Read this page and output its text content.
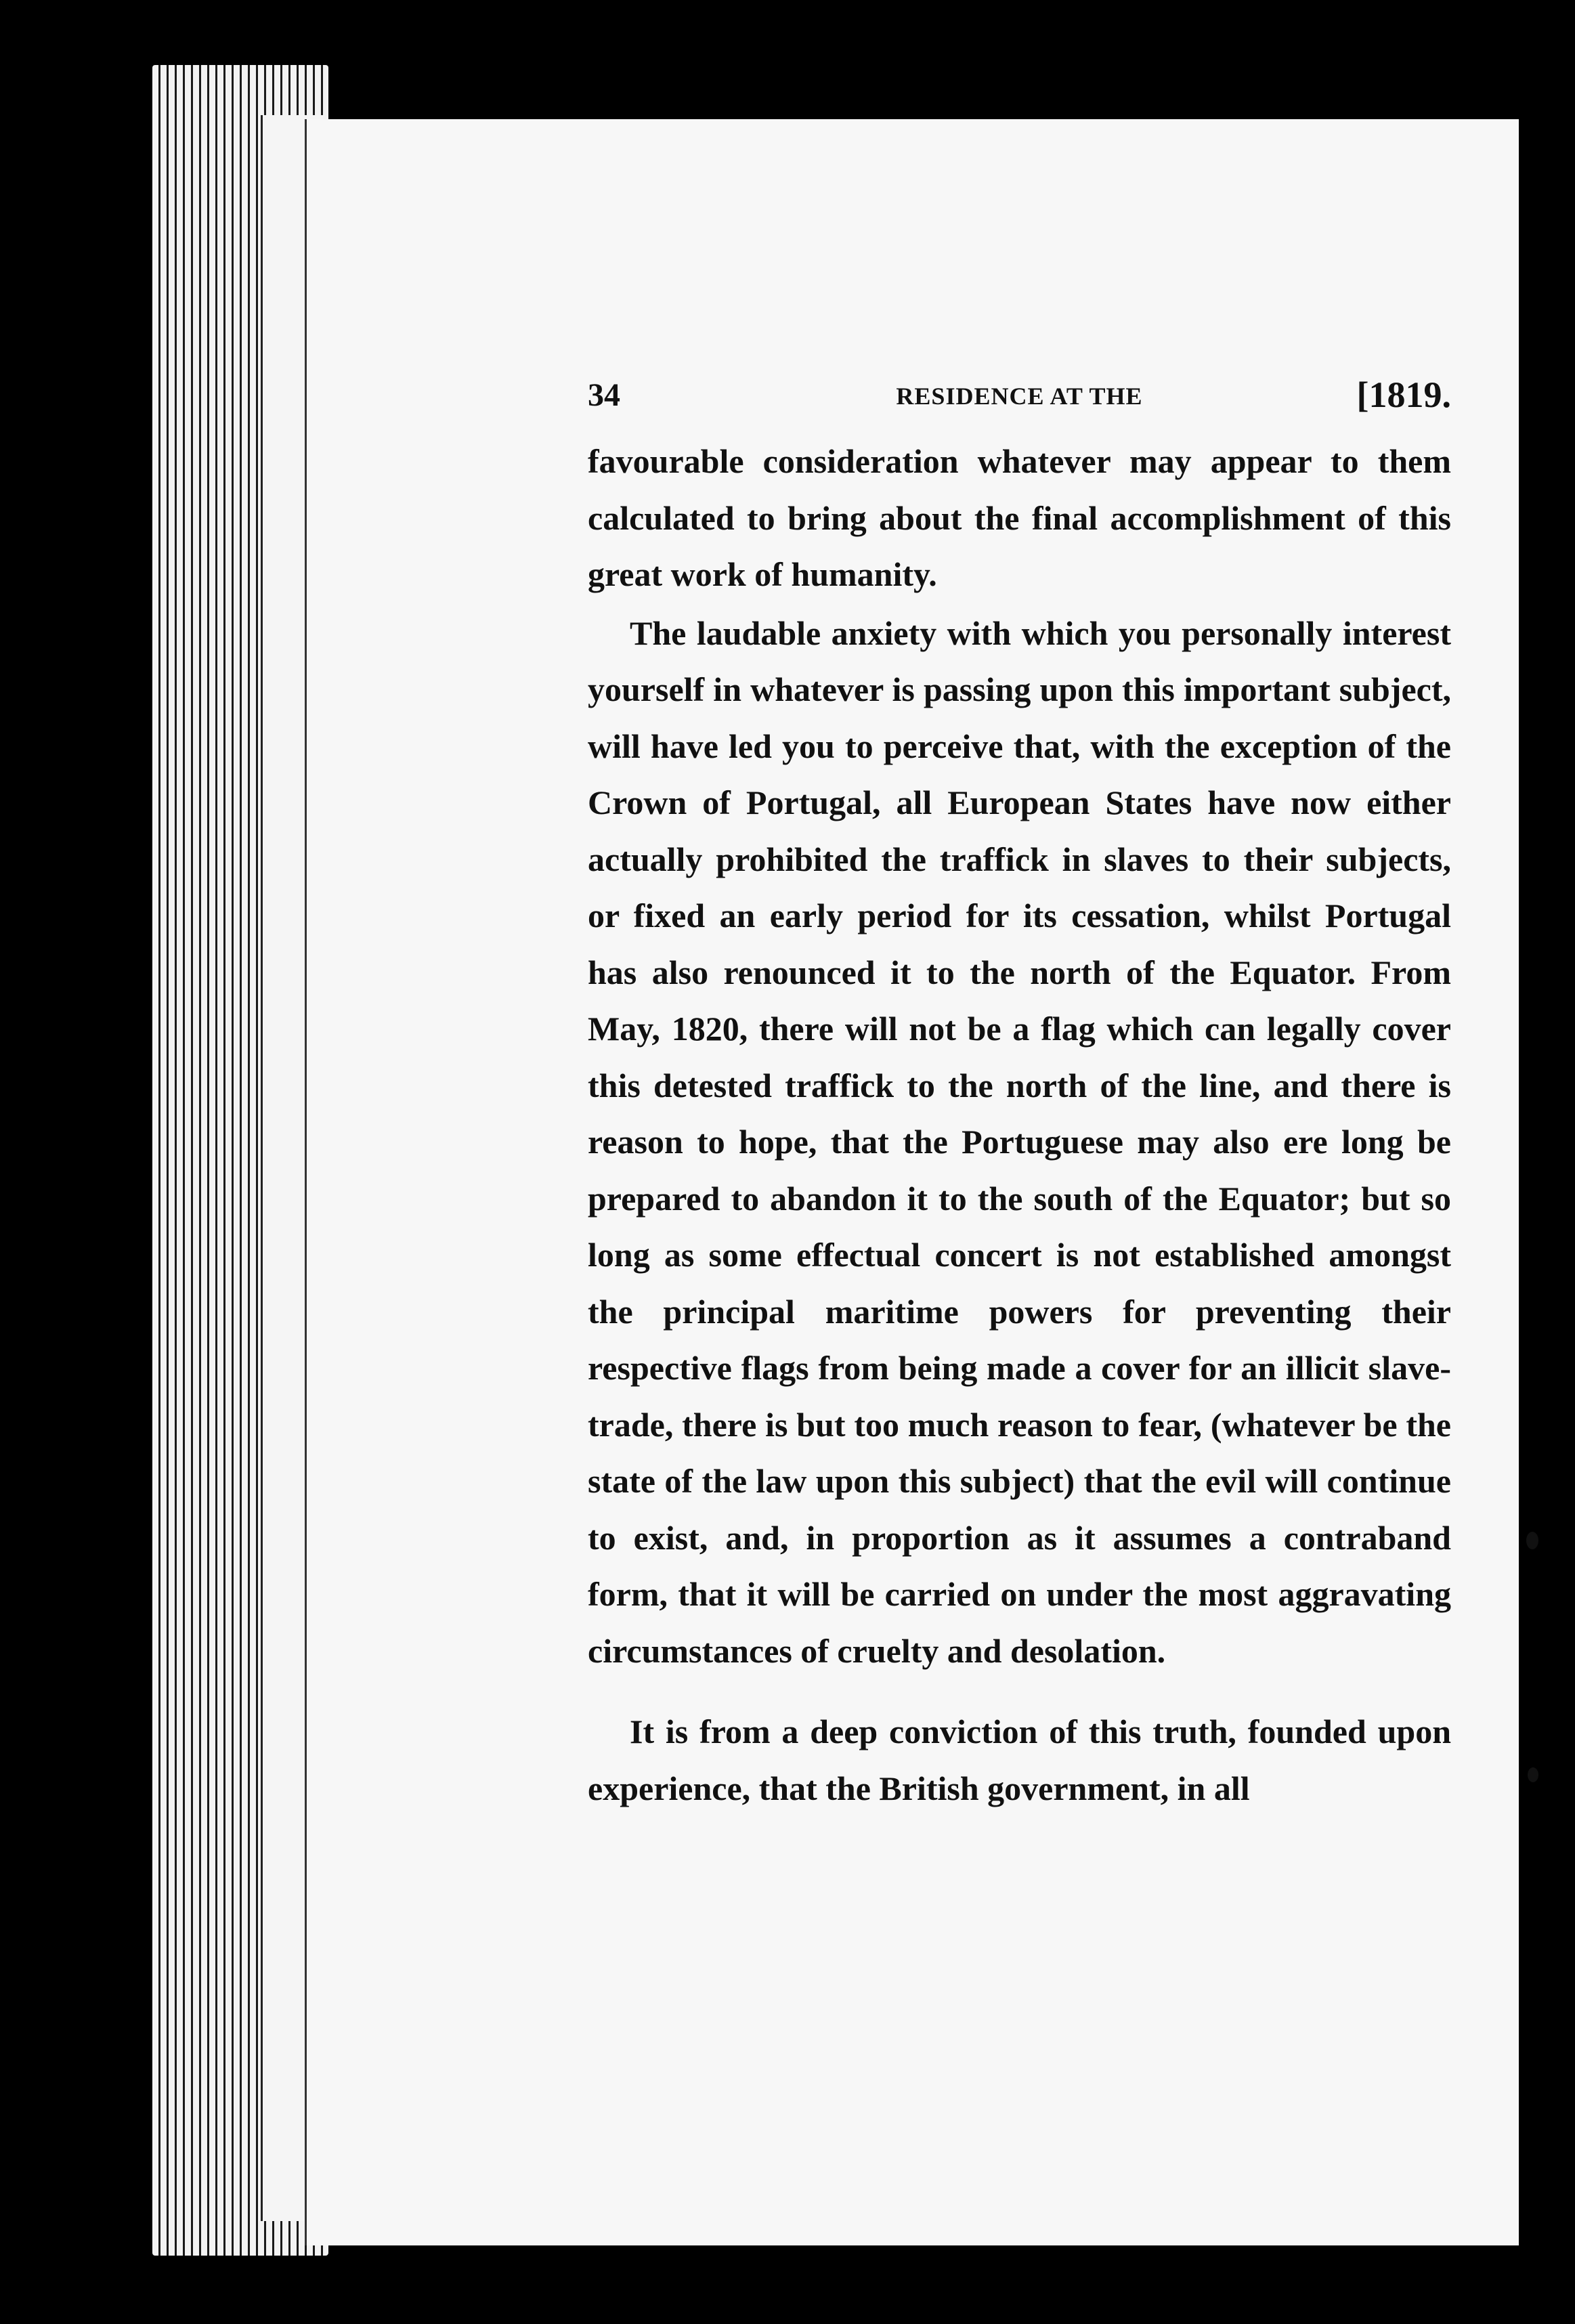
34	RESIDENCE AT THE	[1819.

favourable consideration whatever may appear to them calculated to bring about the final accomplishment of this great work of humanity.

The laudable anxiety with which you personally interest yourself in whatever is passing upon this important subject, will have led you to perceive that, with the exception of the Crown of Portugal, all European States have now either actually prohibited the traffick in slaves to their subjects, or fixed an early period for its cessation, whilst Portugal has also renounced it to the north of the Equator. From May, 1820, there will not be a flag which can legally cover this detested traffick to the north of the line, and there is reason to hope, that the Portuguese may also ere long be prepared to abandon it to the south of the Equator; but so long as some effectual concert is not established amongst the principal maritime powers for preventing their respective flags from being made a cover for an illicit slave-trade, there is but too much reason to fear, (whatever be the state of the law upon this subject) that the evil will continue to exist, and, in proportion as it assumes a contraband form, that it will be carried on under the most aggravating circumstances of cruelty and desolation.

It is from a deep conviction of this truth, founded upon experience, that the British government, in all
